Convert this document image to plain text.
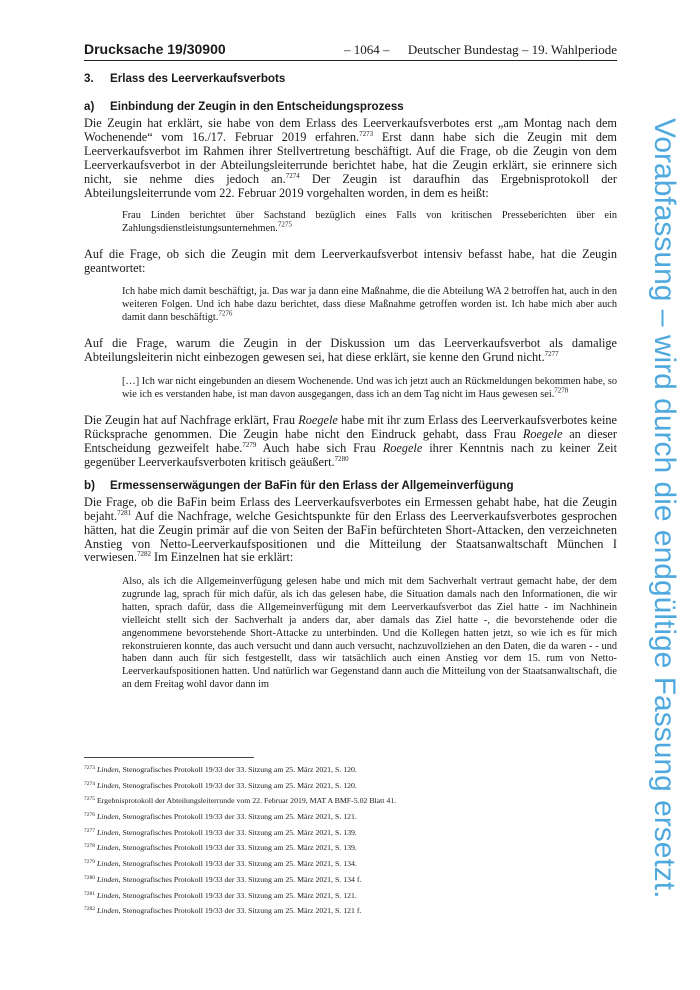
Drucksache 19/30900	– 1064 – Deutscher Bundestag – 19. Wahlperiode
3.	Erlass des Leerverkaufsverbots
a)	Einbindung der Zeugin in den Entscheidungsprozess

Die Zeugin hat erklärt, sie habe von dem Erlass des Leerverkaufsverbotes erst „am Montag nach dem Wochenende“ vom 16./17. Februar 2019 erfahren.$^{7273}$ Erst dann habe sich die Zeugin mit dem Leerverkaufsverbot im Rahmen ihrer Stellvertretung beschäftigt. Auf die Frage, ob die Zeugin von dem Leerverkaufsverbot in der Abteilungsleiterrunde berichtet habe, hat die Zeugin erklärt, sie erinnere sich nicht, sie nehme dies jedoch an.$^{7274}$ Der Zeugin ist daraufhin das Ergebnisprotokoll der Abteilungsleiterrunde vom 22. Februar 2019 vorgehalten worden, in dem es heißt:

Frau Linden berichtet über Sachstand bezüglich eines Falls von kritischen Presseberichten über ein Zahlungsdienstleistungsunternehmen.$^{7275}$

Auf die Frage, ob sich die Zeugin mit dem Leerverkaufsverbot intensiv befasst habe, hat die Zeugin geantwortet:

Ich habe mich damit beschäftigt, ja. Das war ja dann eine Maßnahme, die die Abteilung WA 2 betroffen hat, auch in den weiteren Folgen. Und ich habe dazu berichtet, dass diese Maßnahme getroffen worden ist. Ich habe mich aber auch damit dann beschäftigt.$^{7276}$

Auf die Frage, warum die Zeugin in der Diskussion um das Leerverkaufsverbot als damalige Abteilungsleiterin nicht einbezogen gewesen sei, hat diese erklärt, sie kenne den Grund nicht.$^{7277}$

[…] Ich war nicht eingebunden an diesem Wochenende. Und was ich jetzt auch an Rückmeldungen bekommen habe, so wie ich es verstanden habe, ist man davon ausgegangen, dass ich an dem Tag nicht im Haus gewesen sei.$^{7278}$

Die Zeugin hat auf Nachfrage erklärt, Frau Roegele habe mit ihr zum Erlass des Leerverkaufsverbotes keine Rücksprache genommen. Die Zeugin habe nicht den Eindruck gehabt, dass Frau Roegele an dieser Entscheidung gezweifelt habe.$^{7279}$ Auch habe sich Frau Roegele ihrer Kenntnis nach zu keiner Zeit gegenüber Leerverkaufsverboten kritisch geäußert.$^{7280}$

b)	Ermessenserwägungen der BaFin für den Erlass der Allgemeinverfügung

Die Frage, ob die BaFin beim Erlass des Leerverkaufsverbotes ein Ermessen gehabt habe, hat die Zeugin bejaht.$^{7281}$ Auf die Nachfrage, welche Gesichtspunkte für den Erlass des Leerverkaufsverbotes gesprochen hätten, hat die Zeugin primär auf die von Seiten der BaFin befürchteten Short-Attacken, den verzeichneten Anstieg von Netto-Leerverkaufspositionen und die Mitteilung der Staatsanwaltschaft München I verwiesen.$^{7282}$ Im Einzelnen hat sie erklärt:

Also, als ich die Allgemeinverfügung gelesen habe und mich mit dem Sachverhalt vertraut gemacht habe, der dem zugrunde lag, sprach für mich dafür, als ich das gelesen habe, die Situation damals nach den Informationen, die wir hatten, sprach dafür, dass die Allgemeinverfügung mit dem Leerverkaufsverbot das Ziel hatte - im Nachhinein vielleicht stellt sich der Sachverhalt ja anders dar, aber damals das Ziel hatte -, die bevorstehende oder die angenommene bevorstehende Short-Attacke zu unterbinden. Und die Kollegen hatten jetzt, so wie ich es für mich rekonstruieren konnte, das auch versucht und dann auch versucht, nachzuvollziehen an den Daten, die da waren - - und haben dann auch für sich festgestellt, dass wir tatsächlich auch einen Anstieg vor dem 15. rum von Netto-Leerverkaufspositionen hatten. Und natürlich war Gegenstand dann auch die Mitteilung von der Staatsanwaltschaft, die an dem Freitag wohl davor dann im

$^{7273}$ Linden, Stenografisches Protokoll 19/33 der 33. Sitzung am 25. März 2021, S. 120.
$^{7274}$ Linden, Stenografisches Protokoll 19/33 der 33. Sitzung am 25. März 2021, S. 120.
$^{7275}$ Ergebnisprotokoll der Abteilungsleiterrunde vom 22. Februar 2019, MAT A BMF-5.02 Blatt 41.
$^{7276}$ Linden, Stenografisches Protokoll 19/33 der 33. Sitzung am 25. März 2021, S. 121.
$^{7277}$ Linden, Stenografisches Protokoll 19/33 der 33. Sitzung am 25. März 2021, S. 139.
$^{7278}$ Linden, Stenografisches Protokoll 19/33 der 33. Sitzung am 25. März 2021, S. 139.
$^{7279}$ Linden, Stenografisches Protokoll 19/33 der 33. Sitzung am 25. März 2021, S. 134.
$^{7280}$ Linden, Stenografisches Protokoll 19/33 der 33. Sitzung am 25. März 2021, S. 134 f.
$^{7281}$ Linden, Stenografisches Protokoll 19/33 der 33. Sitzung am 25. März 2021, S. 121.
$^{7282}$ Linden, Stenografisches Protokoll 19/33 der 33. Sitzung am 25. März 2021, S. 121 f.
Vorabfassung – wird durch die endgültige Fassung ersetzt.
